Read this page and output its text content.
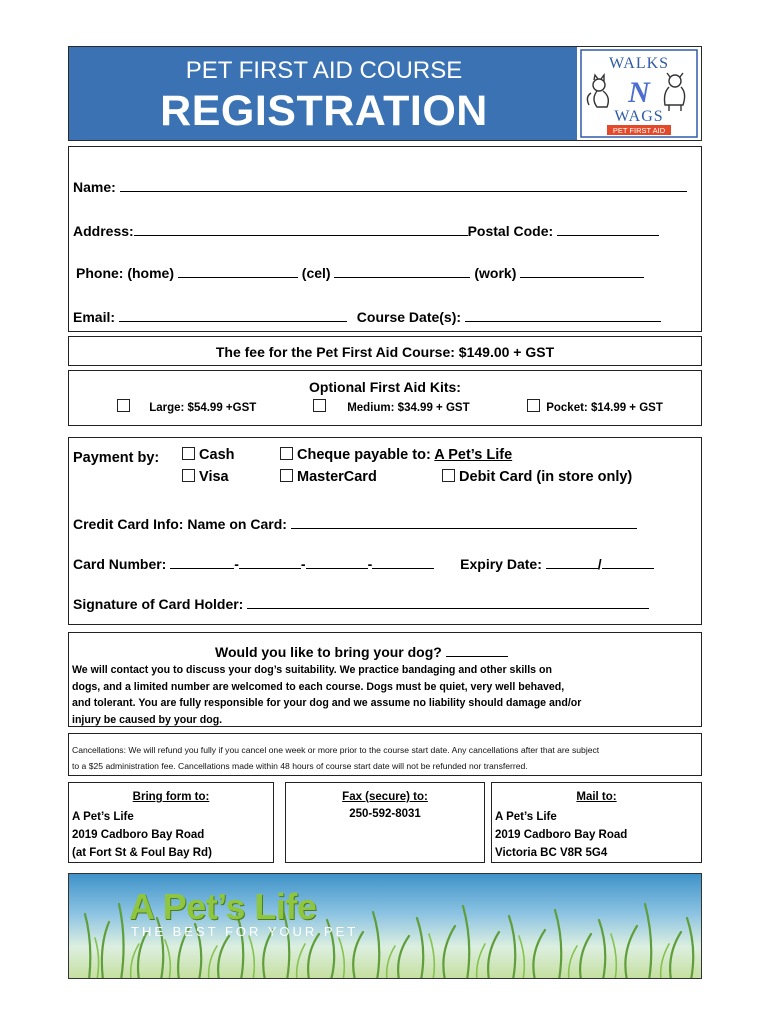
PET FIRST AID COURSE
REGISTRATION
WALKS
N
WAGS
PET FIRST AID
Name:
Address:	Postal Code:
Phone: (home)	(cel)	(work)
Email:	Course Date(s):
The fee for the Pet First Aid Course: $149.00 + GST
Optional First Aid Kits:
Large: $54.99 +GST	Medium: $34.99 + GST	Pocket: $14.99 + GST
Payment by:	Cash
Visa
Cheque payable to: A Pet’s Life
MasterCard	Debit Card (in store only)
Credit Card Info: Name on Card:
Card Number:	-	-	-	Expiry Date:	/
Signature of Card Holder:
Would you like to bring your dog?
We will contact you to discuss your dog’s suitability. We practice bandaging and other skills on
dogs, and a limited number are welcomed to each course. Dogs must be quiet, very well behaved,
and tolerant. You are fully responsible for your dog and we assume no liability should damage and/or
injury be caused by your dog.
Cancellations: We will refund you fully if you cancel one week or more prior to the course start date. Any cancellations after that are subject
to a $25 administration fee. Cancellations made within 48 hours of course start date will not be refunded nor transferred.
Bring form to:
A Pet’s Life
2019 Cadboro Bay Road
(at Fort St & Foul Bay Rd)
Fax (secure) to:
250-592-8031
Mail to:
A Pet’s Life
2019 Cadboro Bay Road
Victoria BC V8R 5G4
A Pet’s Life
THE BEST FOR YOUR PET
